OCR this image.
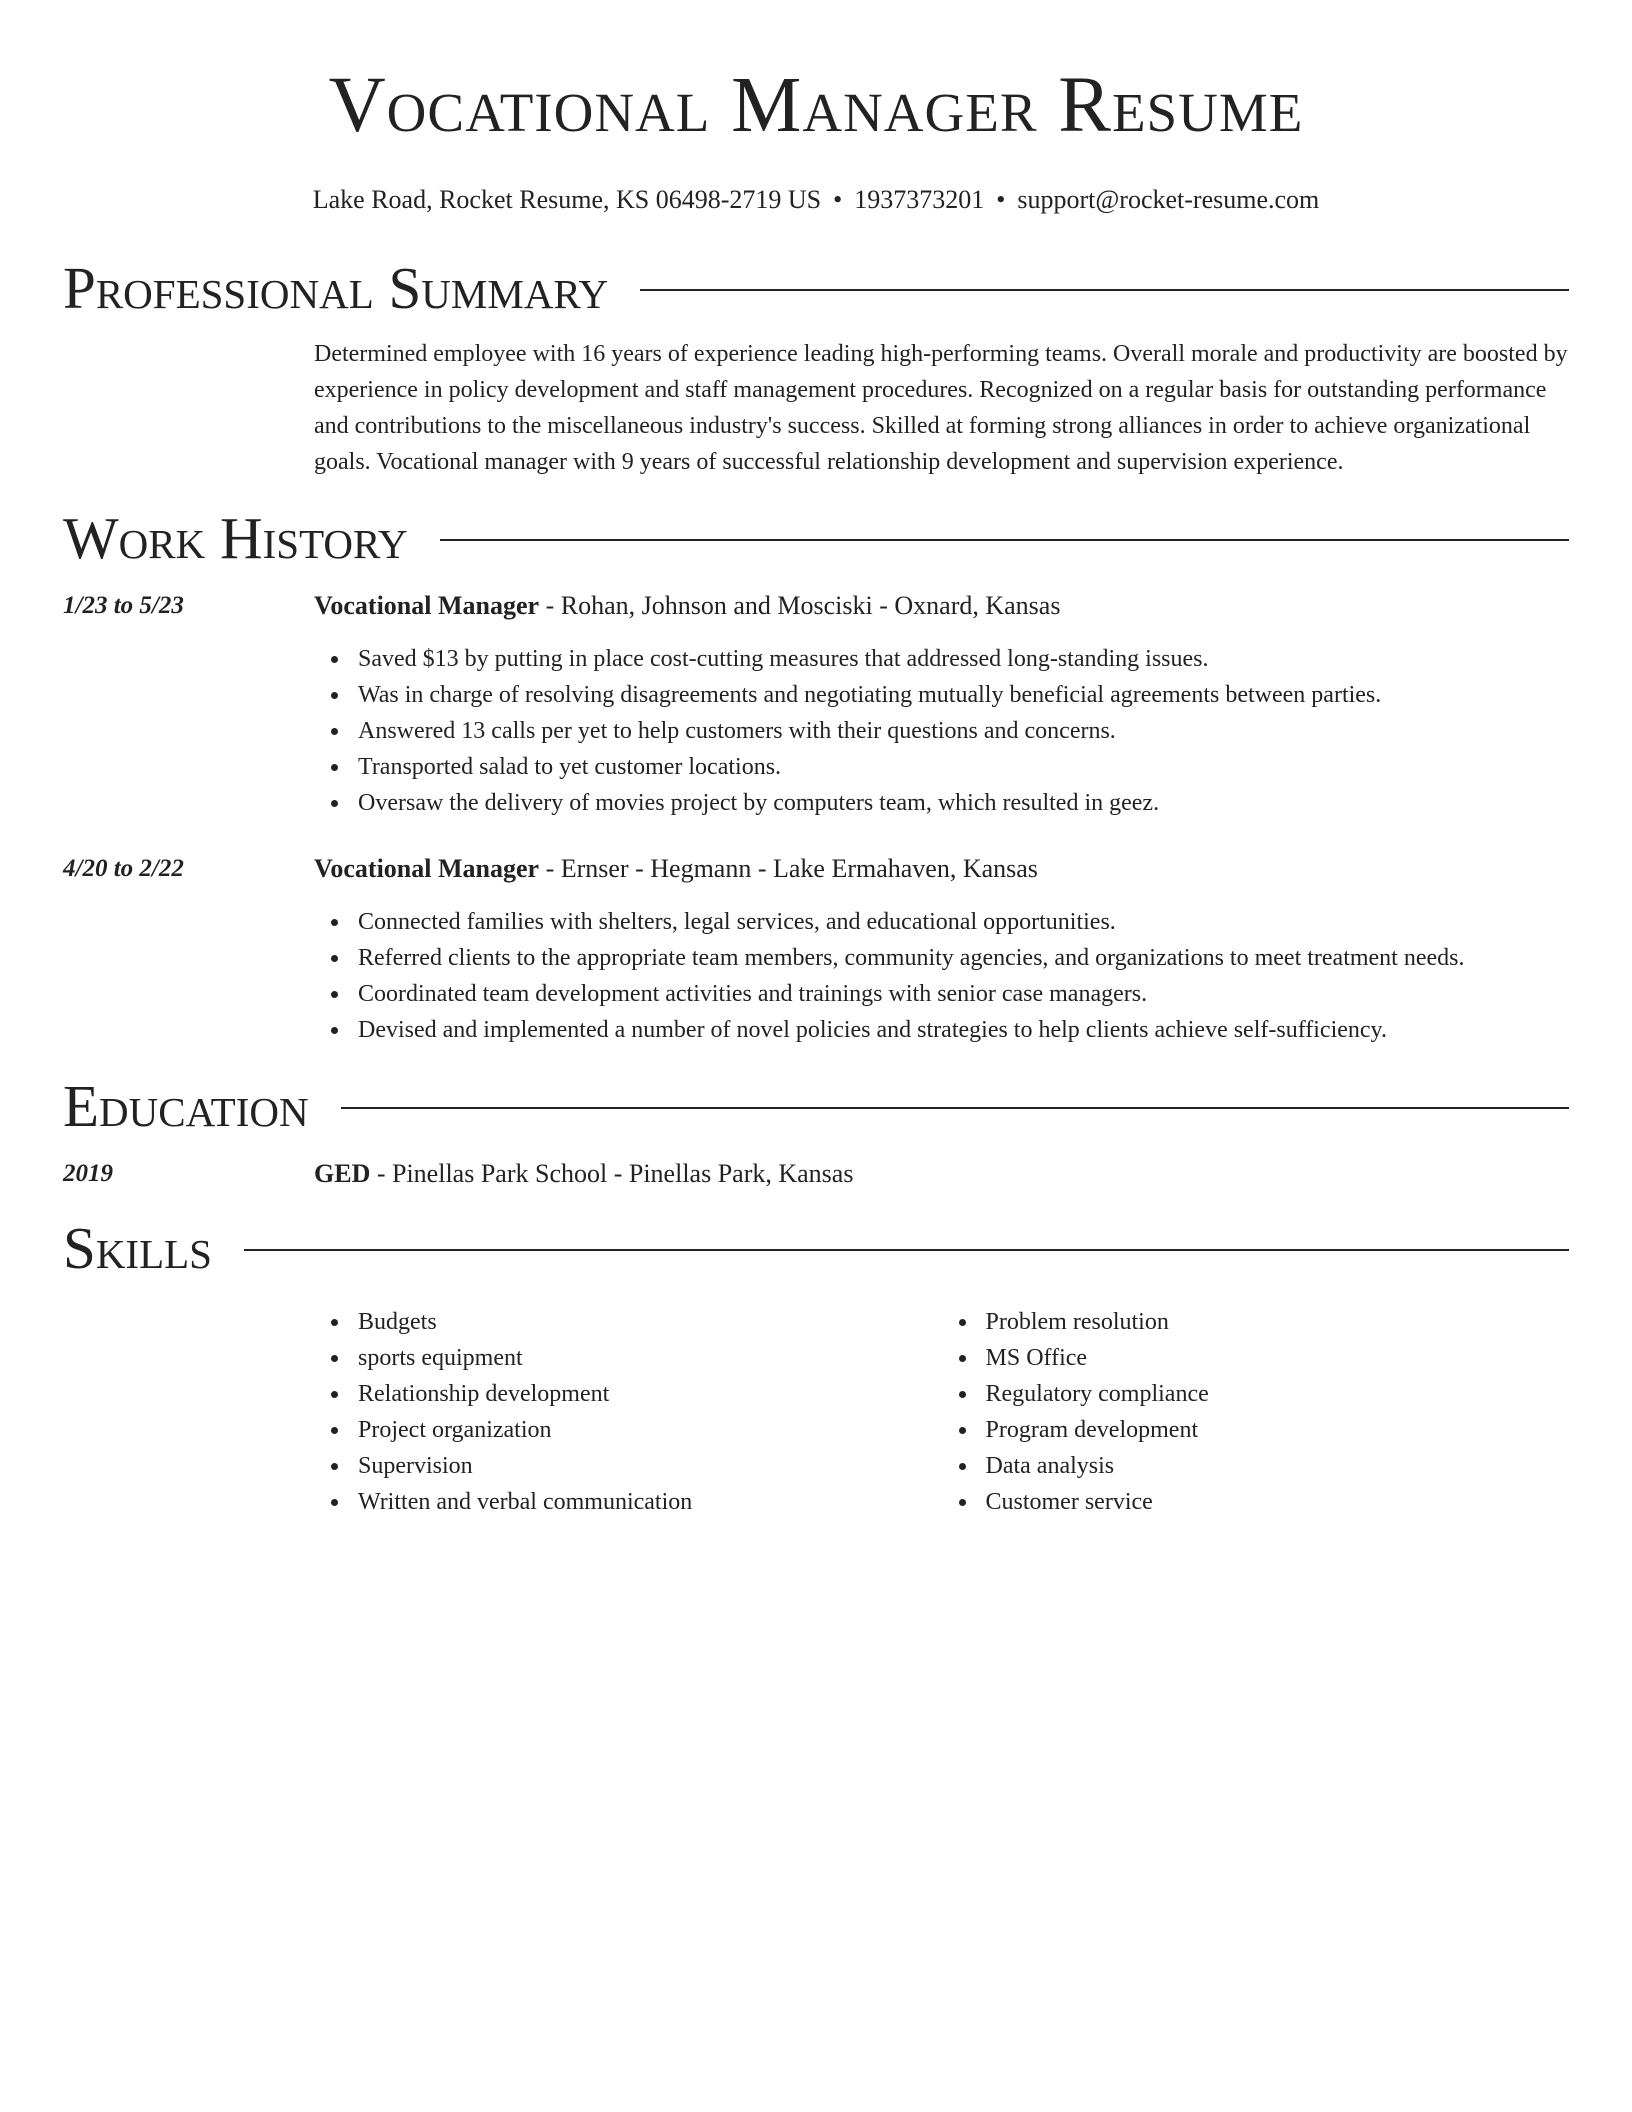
Vocational Manager Resume
Lake Road, Rocket Resume, KS 06498-2719 US • 1937373201 • support@rocket-resume.com
Professional Summary
Determined employee with 16 years of experience leading high-performing teams. Overall morale and productivity are boosted by experience in policy development and staff management procedures. Recognized on a regular basis for outstanding performance and contributions to the miscellaneous industry's success. Skilled at forming strong alliances in order to achieve organizational goals. Vocational manager with 9 years of successful relationship development and supervision experience.
Work History
1/23 to 5/23	Vocational Manager - Rohan, Johnson and Mosciski - Oxnard, Kansas
Saved $13 by putting in place cost-cutting measures that addressed long-standing issues.
Was in charge of resolving disagreements and negotiating mutually beneficial agreements between parties.
Answered 13 calls per yet to help customers with their questions and concerns.
Transported salad to yet customer locations.
Oversaw the delivery of movies project by computers team, which resulted in geez.
4/20 to 2/22	Vocational Manager - Ernser - Hegmann - Lake Ermahaven, Kansas
Connected families with shelters, legal services, and educational opportunities.
Referred clients to the appropriate team members, community agencies, and organizations to meet treatment needs.
Coordinated team development activities and trainings with senior case managers.
Devised and implemented a number of novel policies and strategies to help clients achieve self-sufficiency.
Education
2019	GED - Pinellas Park School - Pinellas Park, Kansas
Skills
Budgets
sports equipment
Relationship development
Project organization
Supervision
Written and verbal communication
Problem resolution
MS Office
Regulatory compliance
Program development
Data analysis
Customer service
